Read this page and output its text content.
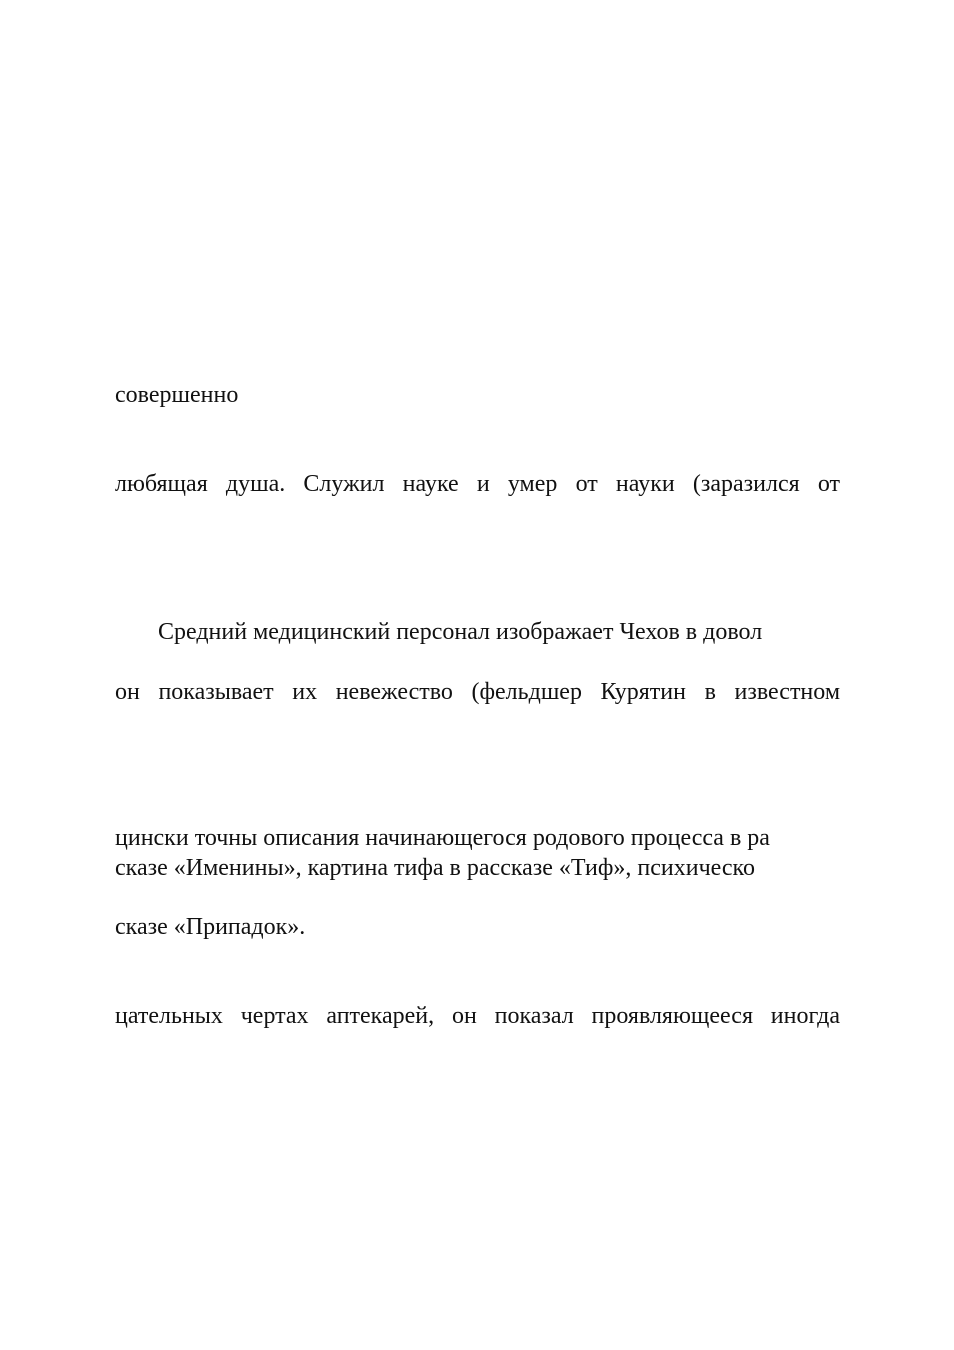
совершенно
любящая душа. Служил науке и умер от науки (заразился от
Средний медицинский персонал изображает Чехов в довол
он показывает их невежество (фельдшер Курятин в известном
цински точны описания начинающегося родового процесса в ра
сказе «Именины», картина тифа в рассказе «Тиф», психическо
сказе «Припадок».
цательных чертах аптекарей, он показал проявляющееся иногда
